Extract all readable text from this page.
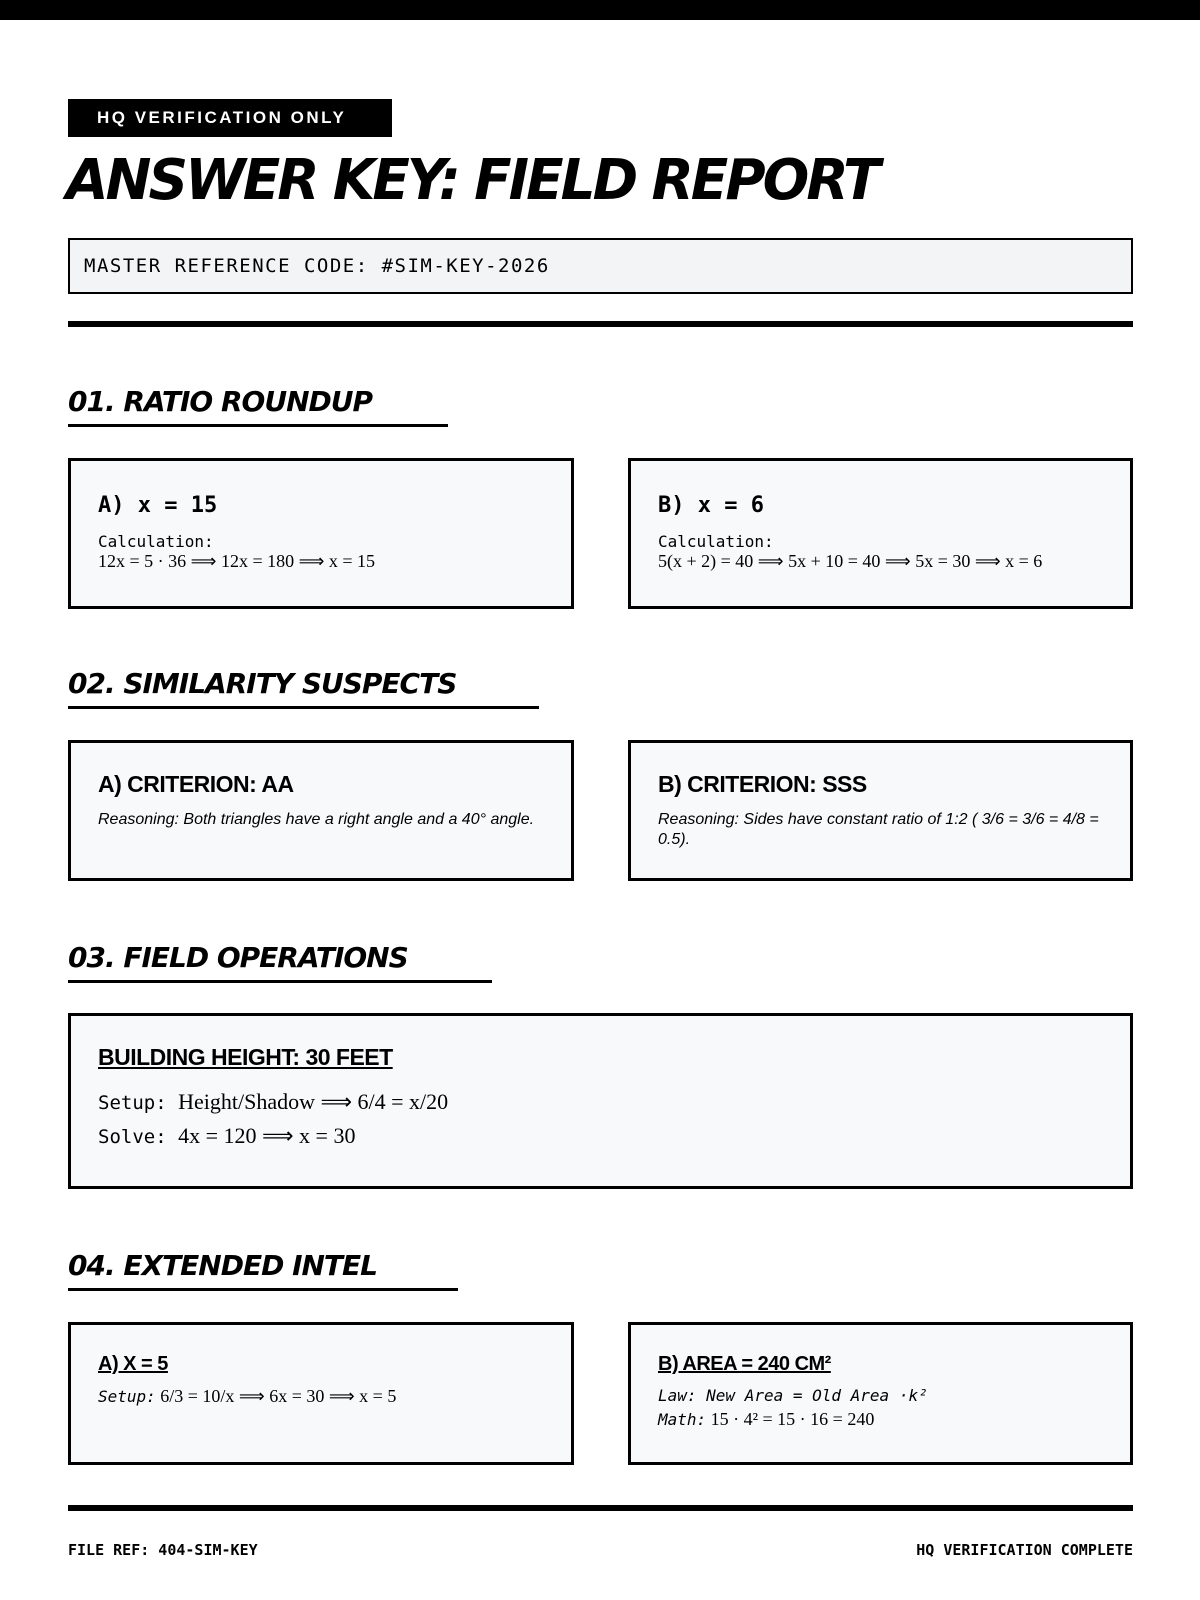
HQ VERIFICATION ONLY
ANSWER KEY: FIELD REPORT
MASTER REFERENCE CODE: #SIM-KEY-2026
01. RATIO ROUNDUP
A) x = 15
Calculation:
12x = 5 · 36 ⟹ 12x = 180 ⟹ x = 15
B) x = 6
Calculation:
5(x + 2) = 40 ⟹ 5x + 10 = 40 ⟹ 5x = 30 ⟹ x = 6
02. SIMILARITY SUSPECTS
A) CRITERION: AA
Reasoning: Both triangles have a right angle and a 40° angle.
B) CRITERION: SSS
Reasoning: Sides have constant ratio of 1:2 ( 3/6 = 3/6 = 4/8 = 0.5).
03. FIELD OPERATIONS
BUILDING HEIGHT: 30 FEET
Setup: Height/Shadow ⟹ 6/4 = x/20
Solve: 4x = 120 ⟹ x = 30
04. EXTENDED INTEL
A) X = 5
Setup: 6/3 = 10/x ⟹ 6x = 30 ⟹ x = 5
B) AREA = 240 CM²
Law: New Area = Old Area ·k²
Math: 15 · 4² = 15 · 16 = 240
FILE REF: 404-SIM-KEY	HQ VERIFICATION COMPLETE
